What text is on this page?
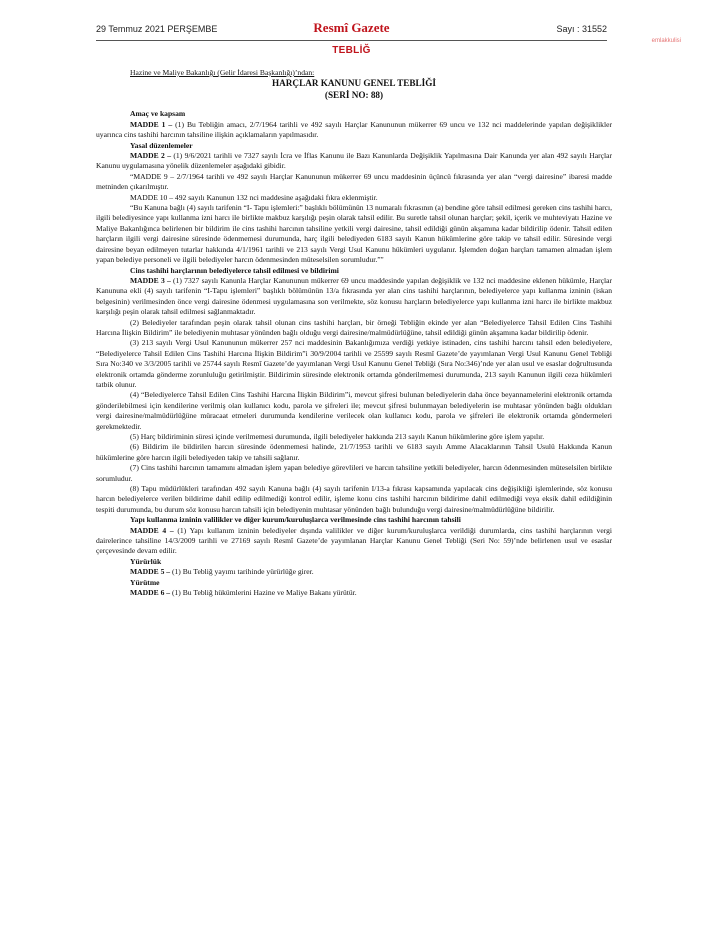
29 Temmuz 2021 PERŞEMBE	Resmî Gazete	Sayı : 31552
emlakkulisi
TEBLİĞ
Hazine ve Maliye Bakanlığı (Gelir İdaresi Başkanlığı)’ndan:
HARÇLAR KANUNU GENEL TEBLİĞİ
(SERİ NO: 88)
Amaç ve kapsam

MADDE 1 – (1) Bu Tebliğin amacı, 2/7/1964 tarihli ve 492 sayılı Harçlar Kanununun mükerrer 69 uncu ve 132 nci maddelerinde yapılan değişiklikler uyarınca cins tashihi harcının tahsiline ilişkin açıklamaların yapılmasıdır.

Yasal düzenlemeler

MADDE 2 – (1) 9/6/2021 tarihli ve 7327 sayılı İcra ve İflas Kanunu ile Bazı Kanunlarda Değişiklik Yapılmasına Dair Kanunda yer alan 492 sayılı Harçlar Kanunu uygulamasına yönelik düzenlemeler aşağıdaki gibidir.

“MADDE 9 – 2/7/1964 tarihli ve 492 sayılı Harçlar Kanununun mükerrer 69 uncu maddesinin üçüncü fıkrasında yer alan “vergi dairesine” ibaresi madde metninden çıkarılmıştır.

MADDE 10 – 492 sayılı Kanunun 132 nci maddesine aşağıdaki fıkra eklenmiştir.

“Bu Kanuna bağlı (4) sayılı tarifenin “I- Tapu işlemleri:” başlıklı bölümünün 13 numaralı fıkrasının (a) bendine göre tahsil edilmesi gereken cins tashihi harcı, ilgili belediyesince yapı kullanma izni harcı ile birlikte makbuz karşılığı peşin olarak tahsil edilir. Bu suretle tahsil olunan harçlar; şekil, içerik ve muhteviyatı Hazine ve Maliye Bakanlığınca belirlenen bir bildirim ile cins tashihi harcının tahsiline yetkili vergi dairesine, tahsil edildiği günün akşamına kadar bildirilip ödenir. Tahsil edilen harçların ilgili vergi dairesine süresinde ödenmemesi durumunda, harç ilgili belediyeden 6183 sayılı Kanun hükümlerine göre takip ve tahsil edilir. Süresinde vergi dairesine beyan edilmeyen tutarlar hakkında 4/1/1961 tarihli ve 213 sayılı Vergi Usul Kanunu hükümleri uygulanır. İşlemden doğan harçları tamamen almadan işlem yapan belediye personeli ve ilgili belediyeler harcın ödenmesinden müteselsilen sorumludur.”"

Cins tashihi harçlarının belediyelerce tahsil edilmesi ve bildirimi

MADDE 3 – (1) 7327 sayılı Kanunla Harçlar Kanununun mükerrer 69 uncu maddesinde yapılan değişiklik ve 132 nci maddesine eklenen hükümle, Harçlar Kanununa ekli (4) sayılı tarifenin “I-Tapu işlemleri” başlıklı bölümünün 13/a fıkrasında yer alan cins tashihi harçlarının, belediyelerce yapı kullanma izninin (iskan belgesinin) verilmesinden önce vergi dairesine ödenmesi uygulamasına son verilmekte, söz konusu harçların belediyelerce yapı kullanma izni harcı ile birlikte makbuz karşılığı peşin olarak tahsil edilmesi sağlanmaktadır.

(2) Belediyeler tarafından peşin olarak tahsil olunan cins tashihi harçları, bir örneği Tebliğin ekinde yer alan “Belediyelerce Tahsil Edilen Cins Tashihi Harcına İlişkin Bildirim” ile belediyenin muhtasar yönünden bağlı olduğu vergi dairesine/malmüdürlüğüne, tahsil edildiği günün akşamına kadar bildirilip ödenir.

(3) 213 sayılı Vergi Usul Kanununun mükerrer 257 nci maddesinin Bakanlığımıza verdiği yetkiye istinaden, cins tashihi harcını tahsil eden belediyelere, “Belediyelerce Tahsil Edilen Cins Tashihi Harcına İlişkin Bildirim”i 30/9/2004 tarihli ve 25599 sayılı Resmî Gazete’de yayımlanan Vergi Usul Kanunu Genel Tebliği Sıra No:340 ve 3/3/2005 tarihli ve 25744 sayılı Resmî Gazete’de yayımlanan Vergi Usul Kanunu Genel Tebliği (Sıra No:346)’nde yer alan usul ve esaslar doğrultusunda elektronik ortamda gönderme zorunluluğu getirilmiştir. Bildirimin süresinde elektronik ortamda gönderilmemesi durumunda, 213 sayılı Kanunun ilgili ceza hükümleri tatbik olunur.

(4) “Belediyelerce Tahsil Edilen Cins Tashihi Harcına İlişkin Bildirim”i, mevcut şifresi bulunan belediyelerin daha önce beyannamelerini elektronik ortamda gönderilebilmesi için kendilerine verilmiş olan kullanıcı kodu, parola ve şifreleri ile; mevcut şifresi bulunmayan belediyelerin ise muhtasar yönünden bağlı oldukları vergi dairesine/malmüdürlüğüne müracaat etmeleri durumunda kendilerine verilecek olan kullanıcı kodu, parola ve şifreleri ile elektronik ortamda göndermeleri gerekmektedir.

(5) Harç bildiriminin süresi içinde verilmemesi durumunda, ilgili belediyeler hakkında 213 sayılı Kanun hükümlerine göre işlem yapılır.

(6) Bildirim ile bildirilen harcın süresinde ödenmemesi halinde, 21/7/1953 tarihli ve 6183 sayılı Amme Alacaklarının Tahsil Usulü Hakkında Kanun hükümlerine göre harcın ilgili belediyeden takip ve tahsili sağlanır.

(7) Cins tashihi harcının tamamını almadan işlem yapan belediye görevlileri ve harcın tahsiline yetkili belediyeler, harcın ödenmesinden müteselsilen birlikte sorumludur.

(8) Tapu müdürlükleri tarafından 492 sayılı Kanuna bağlı (4) sayılı tarifenin I/13-a fıkrası kapsamında yapılacak cins değişikliği işlemlerinde, söz konusu harcın belediyelerce verilen bildirime dahil edilip edilmediği kontrol edilir, işleme konu cins tashihi harcının bildirime dahil edilmediği veya eksik dahil edildiğinin tespiti durumunda, bu durum söz konusu harcın tahsili için belediyenin muhtasar yönünden bağlı bulunduğu vergi dairesine/malmüdürlüğüne bildirilir.

Yapı kullanma izninin valilikler ve diğer kurum/kuruluşlarca verilmesinde cins tashihi harcının tahsili

MADDE 4 – (1) Yapı kullanım izninin belediyeler dışında valilikler ve diğer kurum/kuruluşlarca verildiği durumlarda, cins tashihi harçlarının vergi dairelerince tahsiline 14/3/2009 tarihli ve 27169 sayılı Resmî Gazete’de yayımlanan Harçlar Kanunu Genel Tebliği (Seri No: 59)’nde belirlenen usul ve esaslar çerçevesinde devam edilir.

Yürürlük

MADDE 5 – (1) Bu Tebliğ yayımı tarihinde yürürlüğe girer.

Yürütme

MADDE 6 – (1) Bu Tebliğ hükümlerini Hazine ve Maliye Bakanı yürütür.
